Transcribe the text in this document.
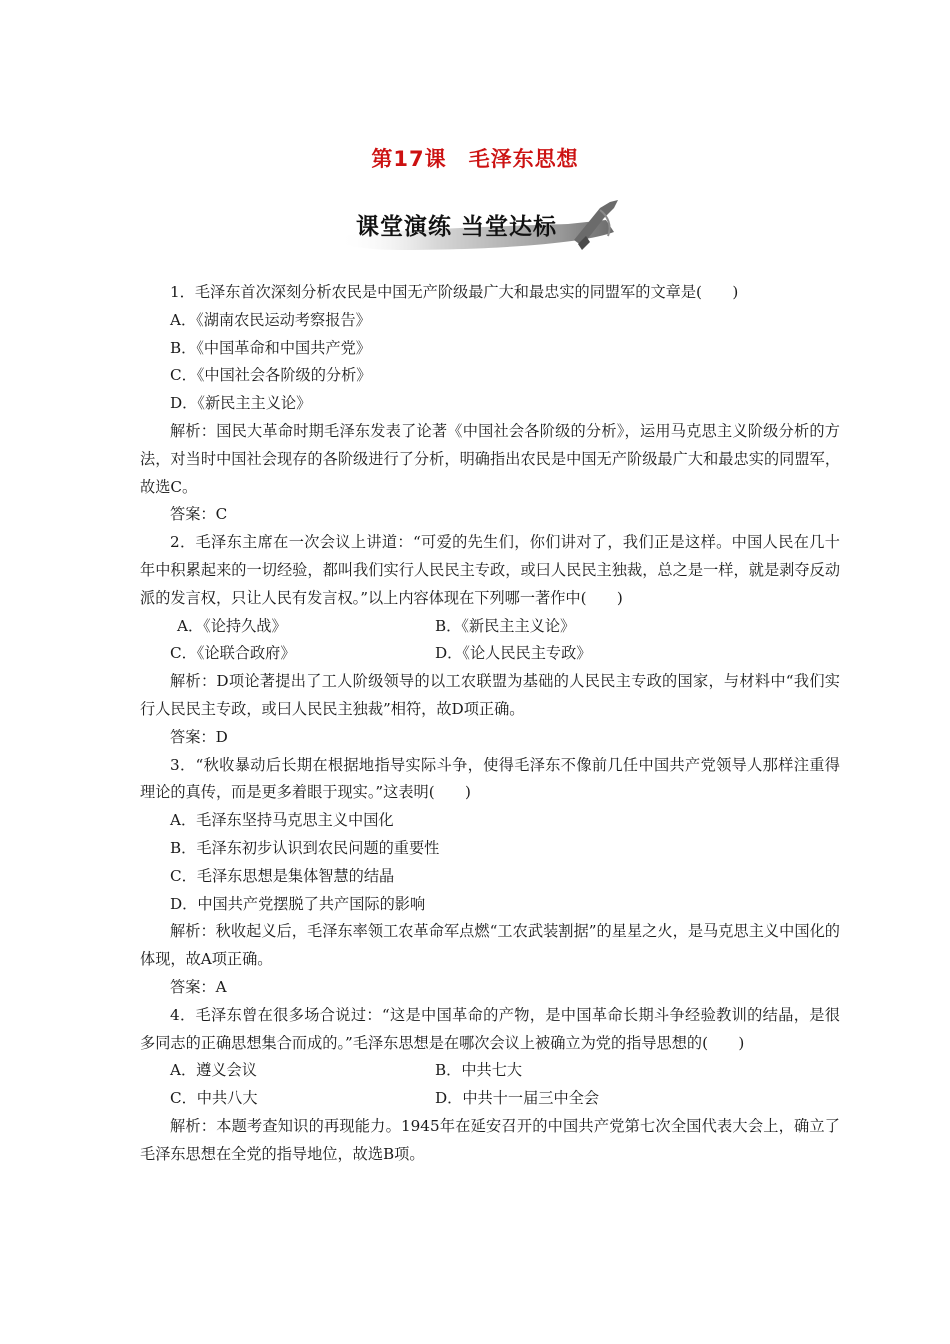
第17课 毛泽东思想
课堂演练 当堂达标

1．毛泽东首次深刻分析农民是中国无产阶级最广大和最忠实的同盟军的文章是(　　)

A．《湖南农民运动考察报告》

B．《中国革命和中国共产党》

C．《中国社会各阶级的分析》

D．《新民主主义论》

解析：国民大革命时期毛泽东发表了论著《中国社会各阶级的分析》，运用马克思主义阶级分析的方法，对当时中国社会现存的各阶级进行了分析，明确指出农民是中国无产阶级最广大和最忠实的同盟军，故选C。

答案：C

2．毛泽东主席在一次会议上讲道：“可爱的先生们，你们讲对了，我们正是这样。中国人民在几十年中积累起来的一切经验，都叫我们实行人民民主专政，或曰人民民主独裁，总之是一样，就是剥夺反动派的发言权，只让人民有发言权。”以上内容体现在下列哪一著作中(　　)

A．《论持久战》	B．《新民主主义论》
C．《论联合政府》	D．《论人民民主专政》

解析：D项论著提出了工人阶级领导的以工农联盟为基础的人民民主专政的国家，与材料中“我们实行人民民主专政，或曰人民民主独裁”相符，故D项正确。

答案：D

3．“秋收暴动后长期在根据地指导实际斗争，使得毛泽东不像前几任中国共产党领导人那样注重得理论的真传，而是更多着眼于现实。”这表明(　　)

A．毛泽东坚持马克思主义中国化

B．毛泽东初步认识到农民问题的重要性

C．毛泽东思想是集体智慧的结晶

D．中国共产党摆脱了共产国际的影响

解析：秋收起义后，毛泽东率领工农革命军点燃“工农武装割据”的星星之火，是马克思主义中国化的体现，故A项正确。

答案：A

4．毛泽东曾在很多场合说过：“这是中国革命的产物，是中国革命长期斗争经验教训的结晶，是很多同志的正确思想集合而成的。”毛泽东思想是在哪次会议上被确立为党的指导思想的(　　)

A．遵义会议	B．中共七大
C．中共八大	D．中共十一届三中全会

解析：本题考查知识的再现能力。1945年在延安召开的中国共产党第七次全国代表大会上，确立了毛泽东思想在全党的指导地位，故选B项。
